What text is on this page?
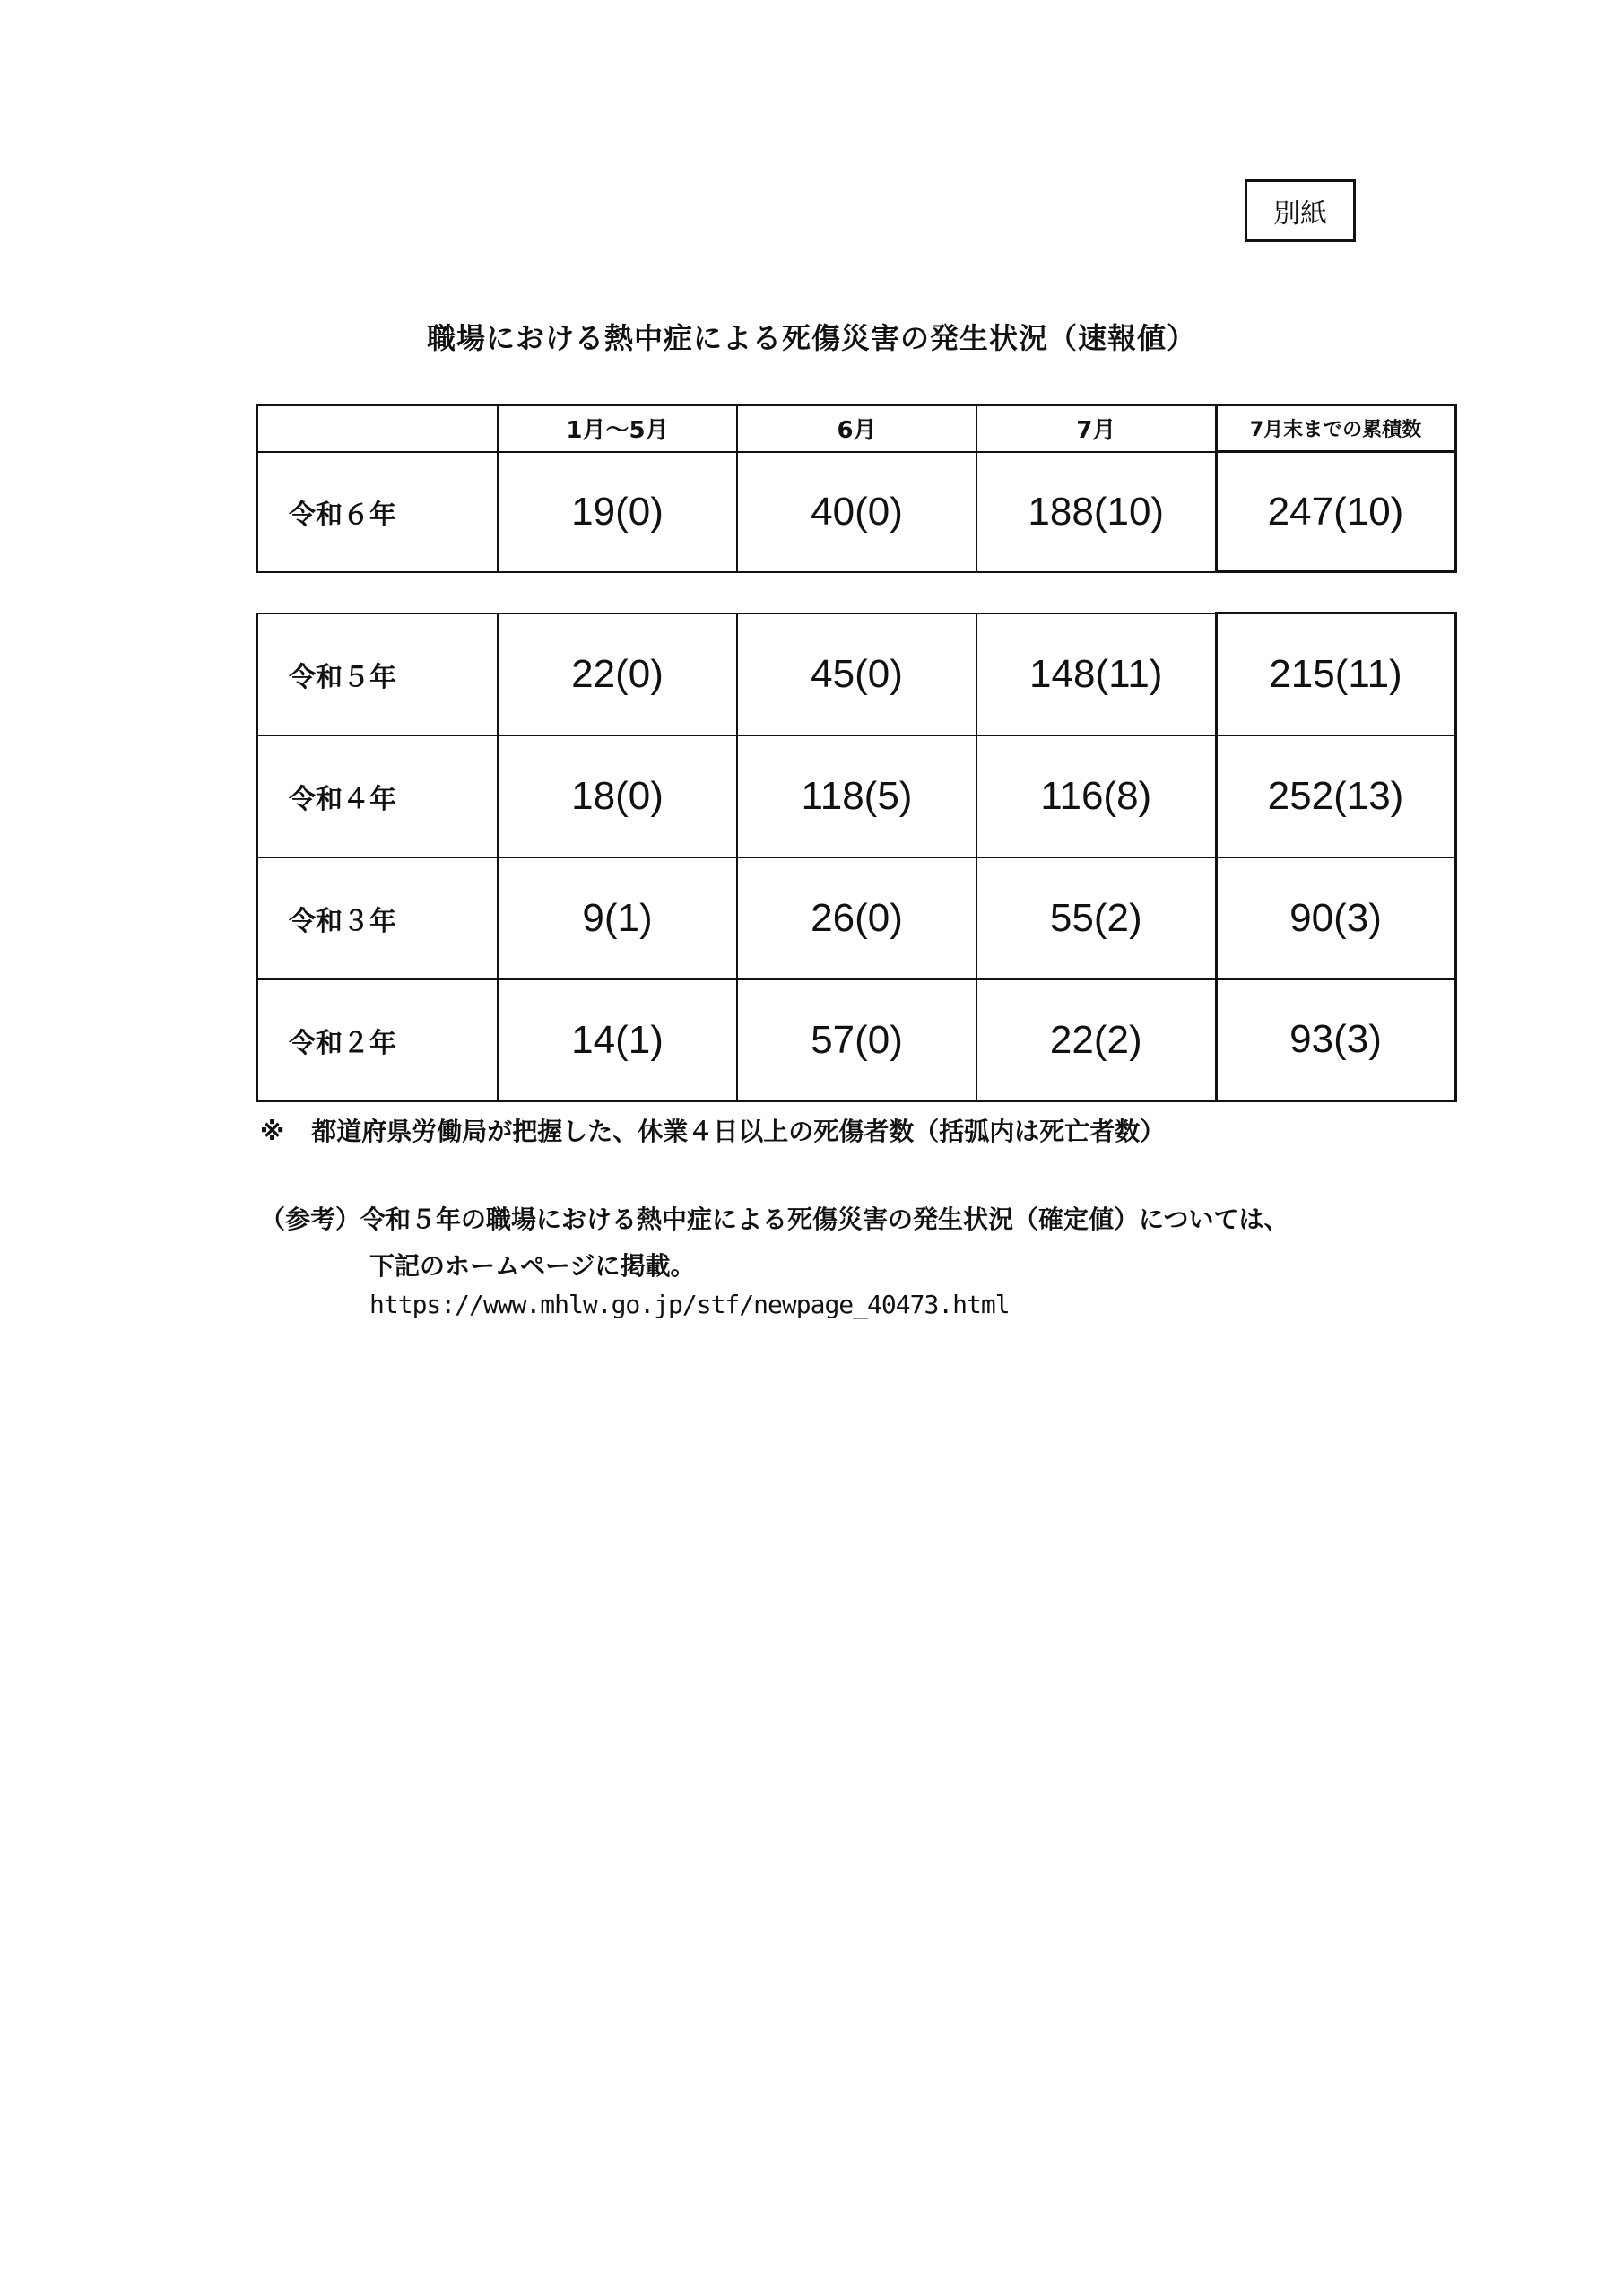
別紙
職場における熱中症による死傷災害の発生状況（速報値）
	1月～5月	6月	7月	7月末までの累積数
令和６年	19(0)	40(0)	188(10)	247(10)
令和５年	22(0)	45(0)	148(11)	215(11)
令和４年	18(0)	118(5)	116(8)	252(13)
令和３年	9(1)	26(0)	55(2)	90(3)
令和２年	14(1)	57(0)	22(2)	93(3)
※ 都道府県労働局が把握した、休業４日以上の死傷者数（括弧内は死亡者数）
（参考）令和５年の職場における熱中症による死傷災害の発生状況（確定値）については、
下記のホームページに掲載。
https://www.mhlw.go.jp/stf/newpage_40473.html
